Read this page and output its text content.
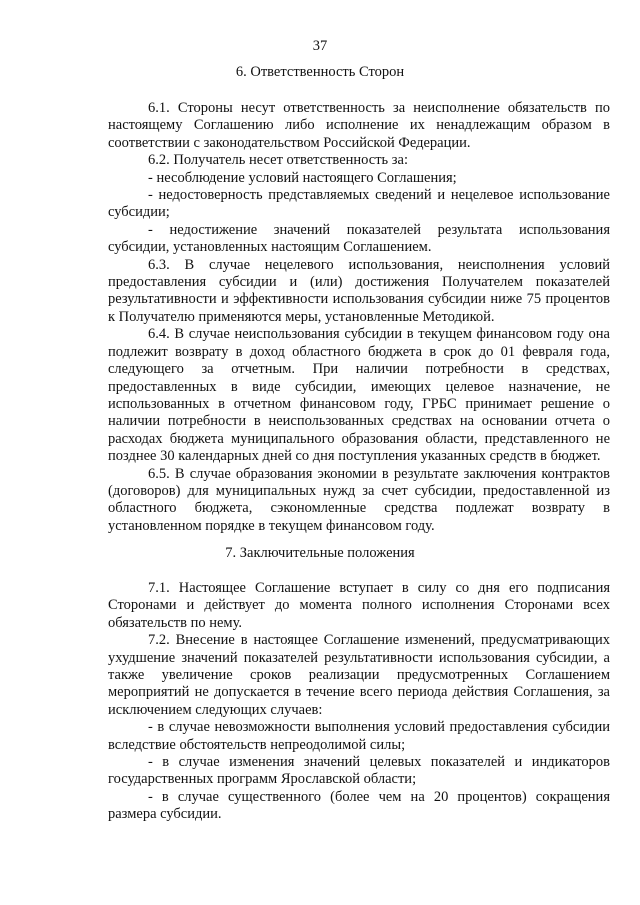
37
6. Ответственность Сторон

6.1. Стороны несут ответственность за неисполнение обязательств по настоящему Соглашению либо исполнение их ненадлежащим образом в соответствии с законодательством Российской Федерации.

6.2. Получатель несет ответственность за:

- несоблюдение условий настоящего Соглашения;

- недостоверность представляемых сведений и нецелевое использование субсидии;

- недостижение значений показателей результата использования субсидии, установленных настоящим Соглашением.

6.3. В случае нецелевого использования, неисполнения условий предоставления субсидии и (или) достижения Получателем показателей результативности и эффективности использования субсидии ниже 75 процентов к Получателю применяются меры, установленные Методикой.

6.4. В случае неиспользования субсидии в текущем финансовом году она подлежит возврату в доход областного бюджета в срок до 01 февраля года, следующего за отчетным. При наличии потребности в средствах, предоставленных в виде субсидии, имеющих целевое назначение, не использованных в отчетном финансовом году, ГРБС принимает решение о наличии потребности в неиспользованных средствах на основании отчета о расходах бюджета муниципального образования области, представленного не позднее 30 календарных дней со дня поступления указанных средств в бюджет.

6.5. В случае образования экономии в результате заключения контрактов (договоров) для муниципальных нужд за счет субсидии, предоставленной из областного бюджета, сэкономленные средства подлежат возврату в установленном порядке в текущем финансовом году.

7. Заключительные положения

7.1. Настоящее Соглашение вступает в силу со дня его подписания Сторонами и действует до момента полного исполнения Сторонами всех обязательств по нему.

7.2. Внесение в настоящее Соглашение изменений, предусматривающих ухудшение значений показателей результативности использования субсидии, а также увеличение сроков реализации предусмотренных Соглашением мероприятий не допускается в течение всего периода действия Соглашения, за исключением следующих случаев:

- в случае невозможности выполнения условий предоставления субсидии вследствие обстоятельств непреодолимой силы;

- в случае изменения значений целевых показателей и индикаторов государственных программ Ярославской области;

- в случае существенного (более чем на 20 процентов) сокращения размера субсидии.
